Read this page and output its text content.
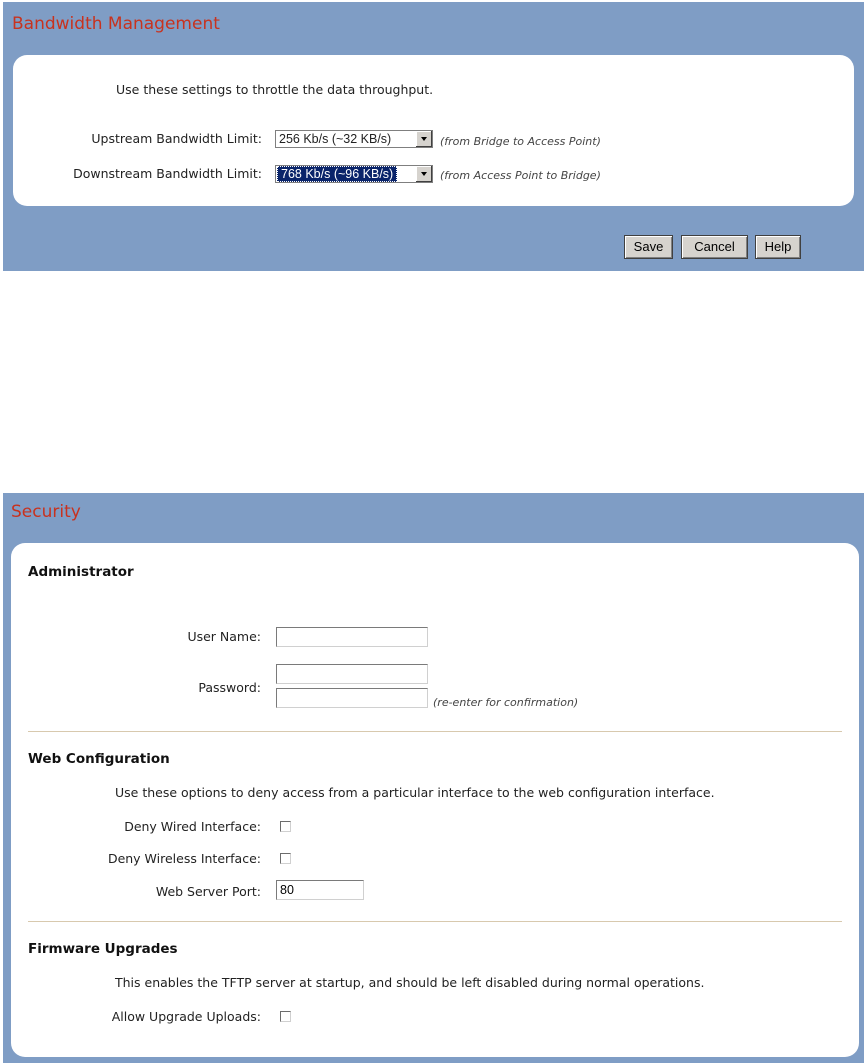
Bandwidth Management
Use these settings to throttle the data throughput.
Upstream Bandwidth Limit: 256 Kb/s (~32 KB/s)	(from Bridge to Access Point)
Downstream Bandwidth Limit:	768 Kb/s (~96 KB/s)	(from Access Point to Bridge)
Save	Cancel	Help
Security
Administrator
User Name:
Password:
(re-enter for confirmation)
Web Configuration
Use these options to deny access from a particular interface to the web configuration interface.
Deny Wired Interface:
Deny Wireless Interface:
Web Server Port:
80
Firmware Upgrades
This enables the TFTP server at startup, and should be left disabled during normal operations.
Allow Upgrade Uploads:
